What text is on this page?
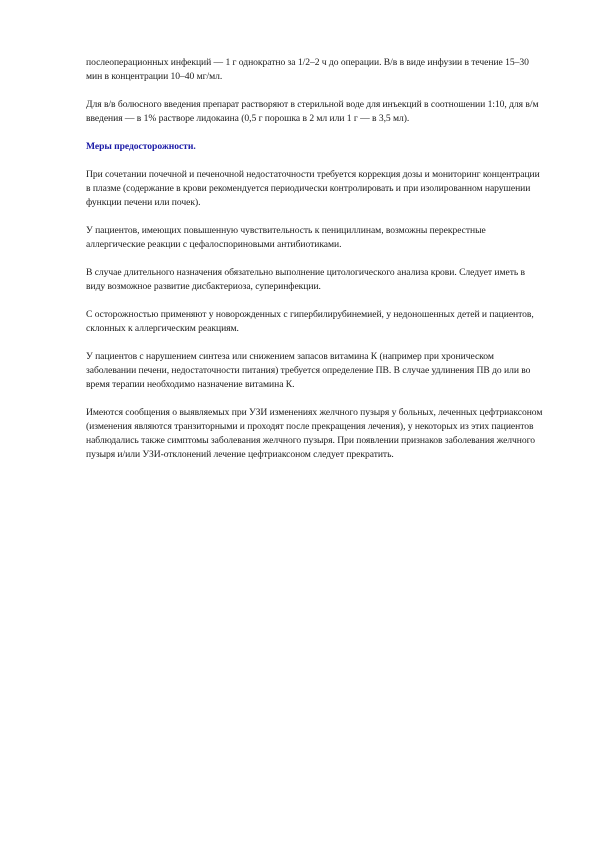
послеоперационных инфекций — 1 г однократно за 1/2–2 ч до операции. В/в в виде инфузии в течение 15–30 мин в концентрации 10–40 мг/мл.

Для в/в болюсного введения препарат растворяют в стерильной воде для инъекций в соотношении 1:10, для в/м введения — в 1% растворе лидокаина (0,5 г порошка в 2 мл или 1 г — в 3,5 мл).

Меры предосторожности.

При сочетании почечной и печеночной недостаточности требуется коррекция дозы и мониторинг концентрации в плазме (содержание в крови рекомендуется периодически контролировать и при изолированном нарушении функции печени или почек).

У пациентов, имеющих повышенную чувствительность к пенициллинам, возможны перекрестные аллергические реакции с цефалоспориновыми антибиотиками.

В случае длительного назначения обязательно выполнение цитологического анализа крови. Следует иметь в виду возможное развитие дисбактериоза, суперинфекции.

С осторожностью применяют у новорожденных с гипербилирубинемией, у недоношенных детей и пациентов, склонных к аллергическим реакциям.

У пациентов с нарушением синтеза или снижением запасов витамина К (например при хроническом заболевании печени, недостаточности питания) требуется определение ПВ. В случае удлинения ПВ до или во время терапии необходимо назначение витамина К.

Имеются сообщения о выявляемых при УЗИ изменениях желчного пузыря у больных, леченных цефтриаксоном (изменения являются транзиторными и проходят после прекращения лечения), у некоторых из этих пациентов наблюдались также симптомы заболевания желчного пузыря. При появлении признаков заболевания желчного пузыря и/или УЗИ-отклонений лечение цефтриаксоном следует прекратить.
